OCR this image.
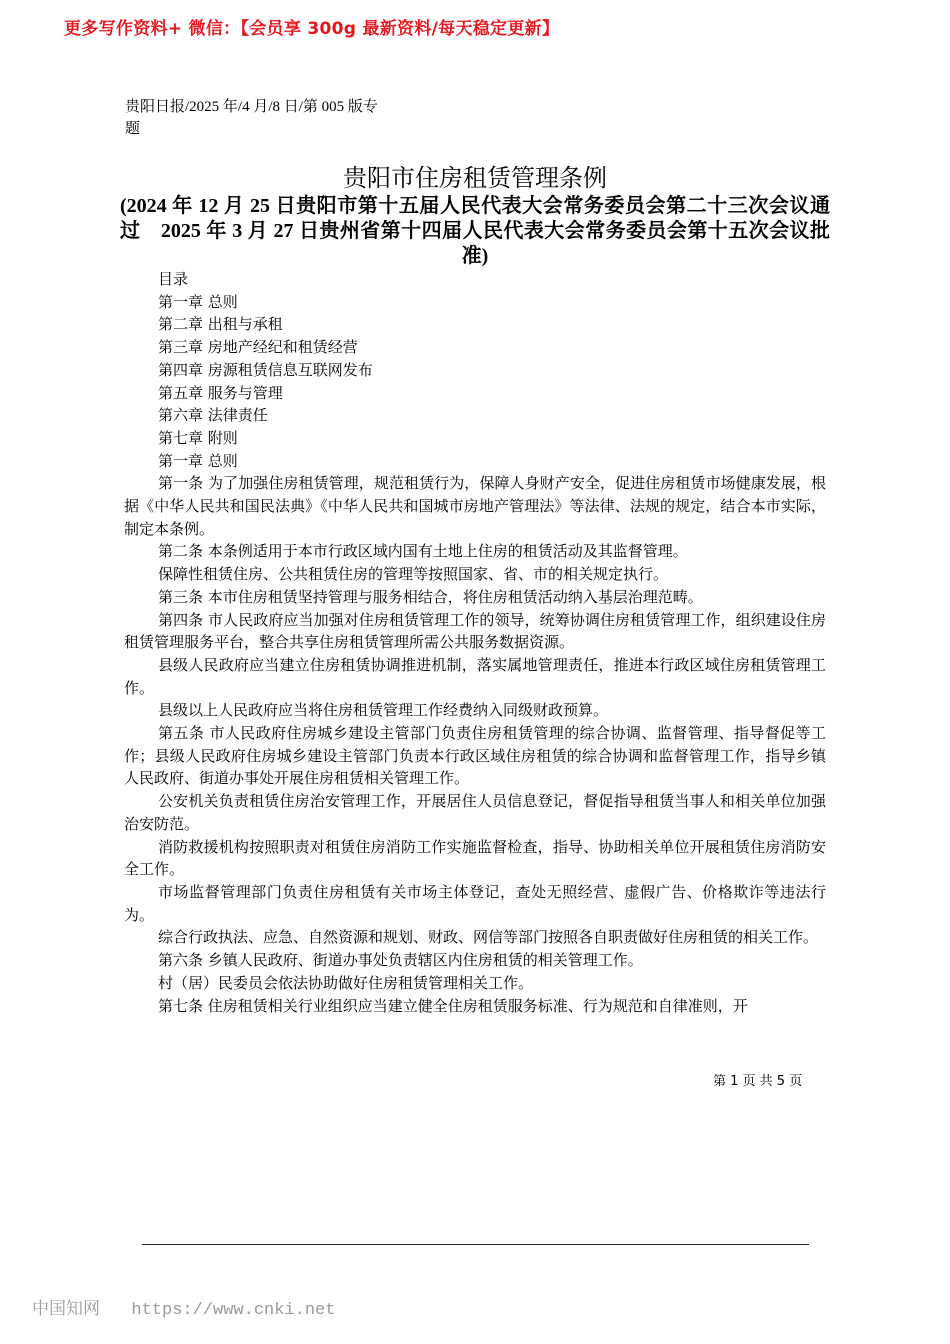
更多写作资料+ 微信：【会员享 300g 最新资料/每天稳定更新】
贵阳日报/2025 年/4 月/8 日/第 005 版专题
贵阳市住房租赁管理条例

(2024 年 12 月 25 日贵阳市第十五届人民代表大会常务委员会第二十三次会议通过　2025 年 3 月 27 日贵州省第十四届人民代表大会常务委员会第十五次会议批准)

目录

第一章 总则

第二章 出租与承租

第三章 房地产经纪和租赁经营

第四章 房源租赁信息互联网发布

第五章 服务与管理

第六章 法律责任

第七章 附则

第一章 总则

第一条 为了加强住房租赁管理，规范租赁行为，保障人身财产安全，促进住房租赁市场健康发展，根据《中华人民共和国民法典》《中华人民共和国城市房地产管理法》等法律、法规的规定，结合本市实际，制定本条例。

第二条 本条例适用于本市行政区域内国有土地上住房的租赁活动及其监督管理。

保障性租赁住房、公共租赁住房的管理等按照国家、省、市的相关规定执行。

第三条 本市住房租赁坚持管理与服务相结合，将住房租赁活动纳入基层治理范畴。

第四条 市人民政府应当加强对住房租赁管理工作的领导，统筹协调住房租赁管理工作，组织建设住房租赁管理服务平台，整合共享住房租赁管理所需公共服务数据资源。

县级人民政府应当建立住房租赁协调推进机制，落实属地管理责任，推进本行政区域住房租赁管理工作。

县级以上人民政府应当将住房租赁管理工作经费纳入同级财政预算。

第五条 市人民政府住房城乡建设主管部门负责住房租赁管理的综合协调、监督管理、指导督促等工作；县级人民政府住房城乡建设主管部门负责本行政区域住房租赁的综合协调和监督管理工作，指导乡镇人民政府、街道办事处开展住房租赁相关管理工作。

公安机关负责租赁住房治安管理工作，开展居住人员信息登记，督促指导租赁当事人和相关单位加强治安防范。

消防救援机构按照职责对租赁住房消防工作实施监督检查，指导、协助相关单位开展租赁住房消防安全工作。

市场监督管理部门负责住房租赁有关市场主体登记，查处无照经营、虚假广告、价格欺诈等违法行为。

综合行政执法、应急、自然资源和规划、财政、网信等部门按照各自职责做好住房租赁的相关工作。

第六条 乡镇人民政府、街道办事处负责辖区内住房租赁的相关管理工作。

村（居）民委员会依法协助做好住房租赁管理相关工作。

第七条 住房租赁相关行业组织应当建立健全住房租赁服务标准、行为规范和自律准则，开

第 1 页 共 5 页
中国知网 https://www.cnki.net
